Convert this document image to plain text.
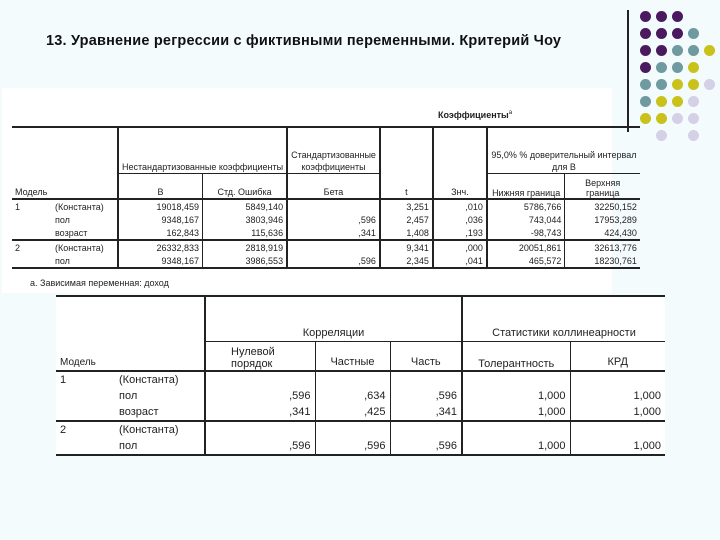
13. Уравнение регрессии с фиктивными переменными. Критерий Чоу
Коэффициенты$^a$
		Нестандартизованные коэффициенты		Стандартизованные коэффициенты			95,0% % доверительный интервал для B	
Модель		B	Стд. Ошибка	Бета	t	Знч.	Нижняя граница	Верхняя граница
1	(Константа)	19018,459	5849,140		3,251	,010	5786,766	32250,152
	пол	9348,167	3803,946	,596	2,457	,036	743,044	17953,289
	возраст	162,843	115,636	,341	1,408	,193	-98,743	424,430
2	(Константа)	26332,833	2818,919		9,341	,000	20051,861	32613,776
	пол	9348,167	3986,553	,596	2,345	,041	465,572	18230,761
a. Зависимая переменная: доход
		Корреляции			Статистики коллинеарности	
Модель		Нулевой порядок	Частные	Часть	Толерантность	КРД
1	(Константа)					
	пол	,596	,634	,596	1,000	1,000
	возраст	,341	,425	,341	1,000	1,000
2	(Константа)					
	пол	,596	,596	,596	1,000	1,000
